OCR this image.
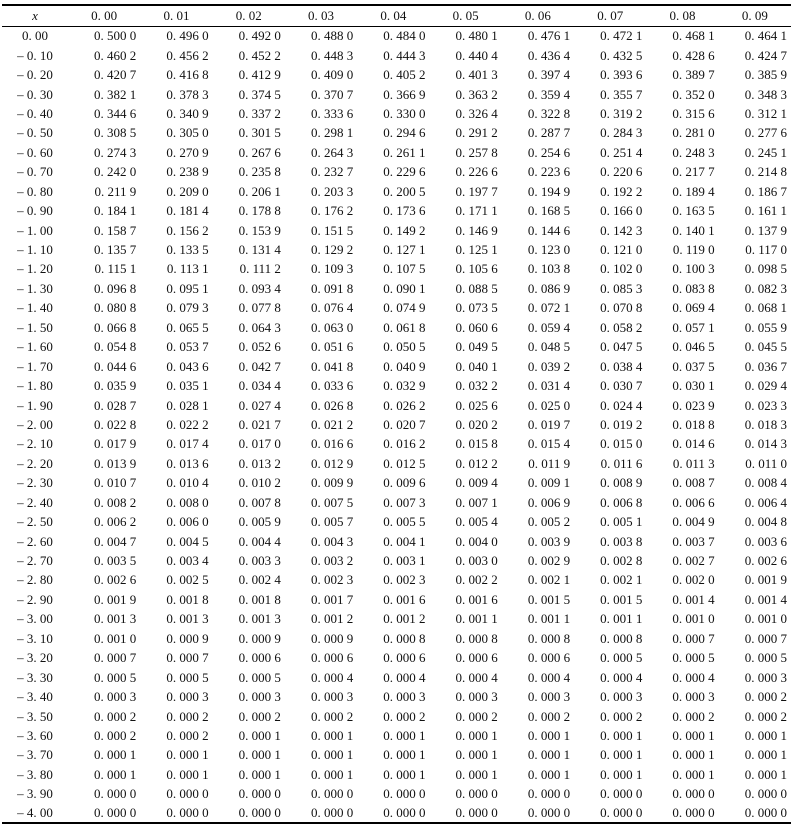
x	0. 00	0. 01	0. 02	0. 03	0. 04	0. 05	0. 06	0. 07	0. 08	0. 09
0. 00	0. 500 0	0. 496 0	0. 492 0	0. 488 0	0. 484 0	0. 480 1	0. 476 1	0. 472 1	0. 468 1	0. 464 1
– 0. 10	0. 460 2	0. 456 2	0. 452 2	0. 448 3	0. 444 3	0. 440 4	0. 436 4	0. 432 5	0. 428 6	0. 424 7
– 0. 20	0. 420 7	0. 416 8	0. 412 9	0. 409 0	0. 405 2	0. 401 3	0. 397 4	0. 393 6	0. 389 7	0. 385 9
– 0. 30	0. 382 1	0. 378 3	0. 374 5	0. 370 7	0. 366 9	0. 363 2	0. 359 4	0. 355 7	0. 352 0	0. 348 3
– 0. 40	0. 344 6	0. 340 9	0. 337 2	0. 333 6	0. 330 0	0. 326 4	0. 322 8	0. 319 2	0. 315 6	0. 312 1
– 0. 50	0. 308 5	0. 305 0	0. 301 5	0. 298 1	0. 294 6	0. 291 2	0. 287 7	0. 284 3	0. 281 0	0. 277 6
– 0. 60	0. 274 3	0. 270 9	0. 267 6	0. 264 3	0. 261 1	0. 257 8	0. 254 6	0. 251 4	0. 248 3	0. 245 1
– 0. 70	0. 242 0	0. 238 9	0. 235 8	0. 232 7	0. 229 6	0. 226 6	0. 223 6	0. 220 6	0. 217 7	0. 214 8
– 0. 80	0. 211 9	0. 209 0	0. 206 1	0. 203 3	0. 200 5	0. 197 7	0. 194 9	0. 192 2	0. 189 4	0. 186 7
– 0. 90	0. 184 1	0. 181 4	0. 178 8	0. 176 2	0. 173 6	0. 171 1	0. 168 5	0. 166 0	0. 163 5	0. 161 1
– 1. 00	0. 158 7	0. 156 2	0. 153 9	0. 151 5	0. 149 2	0. 146 9	0. 144 6	0. 142 3	0. 140 1	0. 137 9
– 1. 10	0. 135 7	0. 133 5	0. 131 4	0. 129 2	0. 127 1	0. 125 1	0. 123 0	0. 121 0	0. 119 0	0. 117 0
– 1. 20	0. 115 1	0. 113 1	0. 111 2	0. 109 3	0. 107 5	0. 105 6	0. 103 8	0. 102 0	0. 100 3	0. 098 5
– 1. 30	0. 096 8	0. 095 1	0. 093 4	0. 091 8	0. 090 1	0. 088 5	0. 086 9	0. 085 3	0. 083 8	0. 082 3
– 1. 40	0. 080 8	0. 079 3	0. 077 8	0. 076 4	0. 074 9	0. 073 5	0. 072 1	0. 070 8	0. 069 4	0. 068 1
– 1. 50	0. 066 8	0. 065 5	0. 064 3	0. 063 0	0. 061 8	0. 060 6	0. 059 4	0. 058 2	0. 057 1	0. 055 9
– 1. 60	0. 054 8	0. 053 7	0. 052 6	0. 051 6	0. 050 5	0. 049 5	0. 048 5	0. 047 5	0. 046 5	0. 045 5
– 1. 70	0. 044 6	0. 043 6	0. 042 7	0. 041 8	0. 040 9	0. 040 1	0. 039 2	0. 038 4	0. 037 5	0. 036 7
– 1. 80	0. 035 9	0. 035 1	0. 034 4	0. 033 6	0. 032 9	0. 032 2	0. 031 4	0. 030 7	0. 030 1	0. 029 4
– 1. 90	0. 028 7	0. 028 1	0. 027 4	0. 026 8	0. 026 2	0. 025 6	0. 025 0	0. 024 4	0. 023 9	0. 023 3
– 2. 00	0. 022 8	0. 022 2	0. 021 7	0. 021 2	0. 020 7	0. 020 2	0. 019 7	0. 019 2	0. 018 8	0. 018 3
– 2. 10	0. 017 9	0. 017 4	0. 017 0	0. 016 6	0. 016 2	0. 015 8	0. 015 4	0. 015 0	0. 014 6	0. 014 3
– 2. 20	0. 013 9	0. 013 6	0. 013 2	0. 012 9	0. 012 5	0. 012 2	0. 011 9	0. 011 6	0. 011 3	0. 011 0
– 2. 30	0. 010 7	0. 010 4	0. 010 2	0. 009 9	0. 009 6	0. 009 4	0. 009 1	0. 008 9	0. 008 7	0. 008 4
– 2. 40	0. 008 2	0. 008 0	0. 007 8	0. 007 5	0. 007 3	0. 007 1	0. 006 9	0. 006 8	0. 006 6	0. 006 4
– 2. 50	0. 006 2	0. 006 0	0. 005 9	0. 005 7	0. 005 5	0. 005 4	0. 005 2	0. 005 1	0. 004 9	0. 004 8
– 2. 60	0. 004 7	0. 004 5	0. 004 4	0. 004 3	0. 004 1	0. 004 0	0. 003 9	0. 003 8	0. 003 7	0. 003 6
– 2. 70	0. 003 5	0. 003 4	0. 003 3	0. 003 2	0. 003 1	0. 003 0	0. 002 9	0. 002 8	0. 002 7	0. 002 6
– 2. 80	0. 002 6	0. 002 5	0. 002 4	0. 002 3	0. 002 3	0. 002 2	0. 002 1	0. 002 1	0. 002 0	0. 001 9
– 2. 90	0. 001 9	0. 001 8	0. 001 8	0. 001 7	0. 001 6	0. 001 6	0. 001 5	0. 001 5	0. 001 4	0. 001 4
– 3. 00	0. 001 3	0. 001 3	0. 001 3	0. 001 2	0. 001 2	0. 001 1	0. 001 1	0. 001 1	0. 001 0	0. 001 0
– 3. 10	0. 001 0	0. 000 9	0. 000 9	0. 000 9	0. 000 8	0. 000 8	0. 000 8	0. 000 8	0. 000 7	0. 000 7
– 3. 20	0. 000 7	0. 000 7	0. 000 6	0. 000 6	0. 000 6	0. 000 6	0. 000 6	0. 000 5	0. 000 5	0. 000 5
– 3. 30	0. 000 5	0. 000 5	0. 000 5	0. 000 4	0. 000 4	0. 000 4	0. 000 4	0. 000 4	0. 000 4	0. 000 3
– 3. 40	0. 000 3	0. 000 3	0. 000 3	0. 000 3	0. 000 3	0. 000 3	0. 000 3	0. 000 3	0. 000 3	0. 000 2
– 3. 50	0. 000 2	0. 000 2	0. 000 2	0. 000 2	0. 000 2	0. 000 2	0. 000 2	0. 000 2	0. 000 2	0. 000 2
– 3. 60	0. 000 2	0. 000 2	0. 000 1	0. 000 1	0. 000 1	0. 000 1	0. 000 1	0. 000 1	0. 000 1	0. 000 1
– 3. 70	0. 000 1	0. 000 1	0. 000 1	0. 000 1	0. 000 1	0. 000 1	0. 000 1	0. 000 1	0. 000 1	0. 000 1
– 3. 80	0. 000 1	0. 000 1	0. 000 1	0. 000 1	0. 000 1	0. 000 1	0. 000 1	0. 000 1	0. 000 1	0. 000 1
– 3. 90	0. 000 0	0. 000 0	0. 000 0	0. 000 0	0. 000 0	0. 000 0	0. 000 0	0. 000 0	0. 000 0	0. 000 0
– 4. 00	0. 000 0	0. 000 0	0. 000 0	0. 000 0	0. 000 0	0. 000 0	0. 000 0	0. 000 0	0. 000 0	0. 000 0
